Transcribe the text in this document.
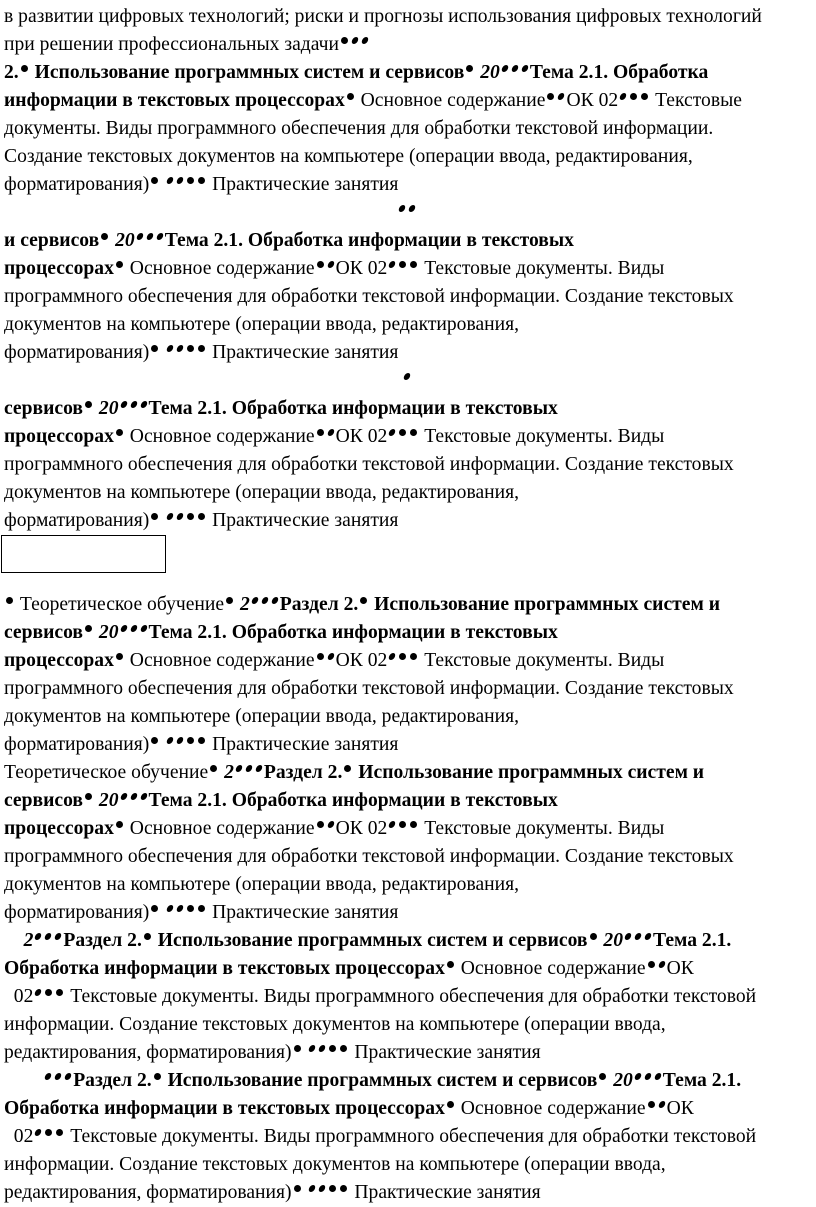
в развитии цифровых технологий; риски и прогнозы использования цифровых технологий
при решении профессиональных задачи
2. Использование программных систем и сервисов 20 Тема 2.1. Обработка
информации в текстовых процессорах Основное содержание ОК 02 Текстовые
документы. Виды программного обеспечения для обработки текстовой информации.
Создание текстовых документов на компьютере (операции ввода, редактирования,
форматирования)	Практические занятия
и сервисов 20 Тема 2.1. Обработка информации в текстовых
процессорах Основное содержание ОК 02 Текстовые документы. Виды
программного обеспечения для обработки текстовой информации. Создание текстовых
документов на компьютере (операции ввода, редактирования,
форматирования)	Практические занятия
сервисов 20 Тема 2.1. Обработка информации в текстовых
процессорах Основное содержание ОК 02 Текстовые документы. Виды
программного обеспечения для обработки текстовой информации. Создание текстовых
документов на компьютере (операции ввода, редактирования,
форматирования)	Практические занятия
Теоретическое обучение 2 Раздел 2. Использование программных систем и
сервисов 20 Тема 2.1. Обработка информации в текстовых
процессорах Основное содержание ОК 02 Текстовые документы. Виды
программного обеспечения для обработки текстовой информации. Создание текстовых
документов на компьютере (операции ввода, редактирования,
форматирования)	Практические занятия
Теоретическое обучение 2 Раздел 2. Использование программных систем и
сервисов 20 Тема 2.1. Обработка информации в текстовых
процессорах Основное содержание ОК 02 Текстовые документы. Виды
программного обеспечения для обработки текстовой информации. Создание текстовых
документов на компьютере (операции ввода, редактирования,
форматирования)	Практические занятия
2 Раздел 2. Использование программных систем и сервисов 20 Тема 2.1.
Обработка информации в текстовых процессорах Основное содержание ОК
02 Текстовые документы. Виды программного обеспечения для обработки текстовой
информации. Создание текстовых документов на компьютере (операции ввода,
редактирования, форматирования)	Практические занятия
Раздел 2. Использование программных систем и сервисов 20 Тема 2.1.
Обработка информации в текстовых процессорах Основное содержание ОК
02 Текстовые документы. Виды программного обеспечения для обработки текстовой
информации. Создание текстовых документов на компьютере (операции ввода,
редактирования, форматирования)	Практические занятия
